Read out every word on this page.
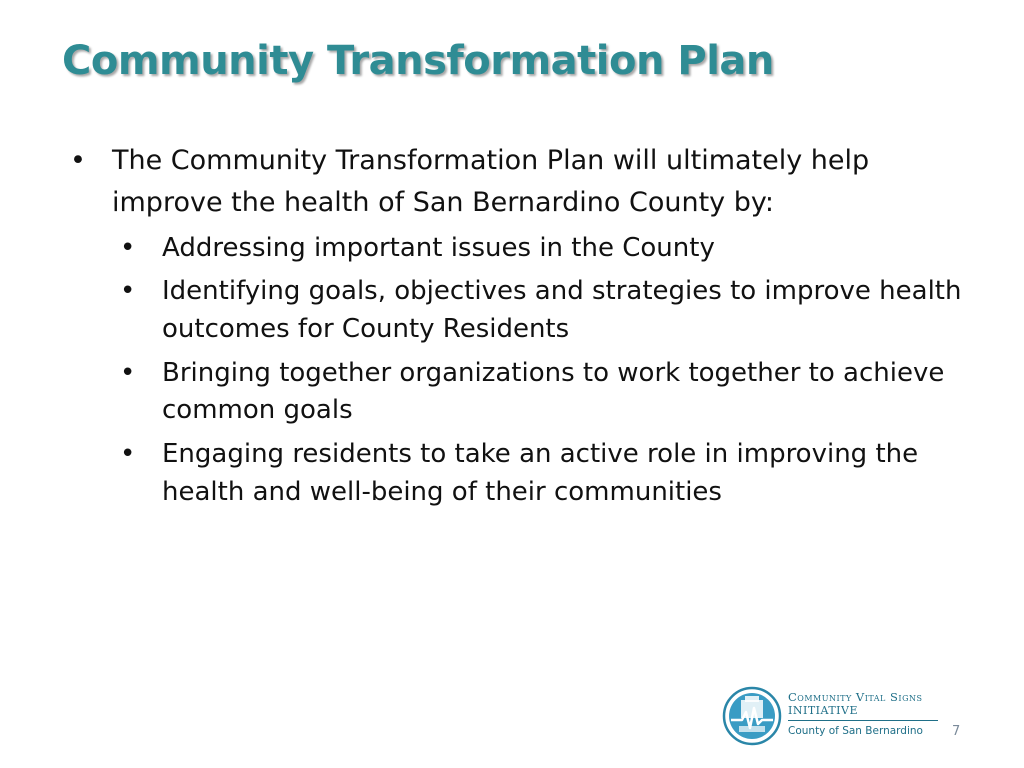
Community Transformation Plan
• The Community Transformation Plan will ultimately help improve the health of San Bernardino County by:
• Addressing important issues in the County
• Identifying goals, objectives and strategies to improve health outcomes for County Residents
• Bringing together organizations to work together to achieve common goals
• Engaging residents to take an active role in improving the health and well-being of their communities
Community Vital Signs
INITIATIVE
County of San Bernardino 7
